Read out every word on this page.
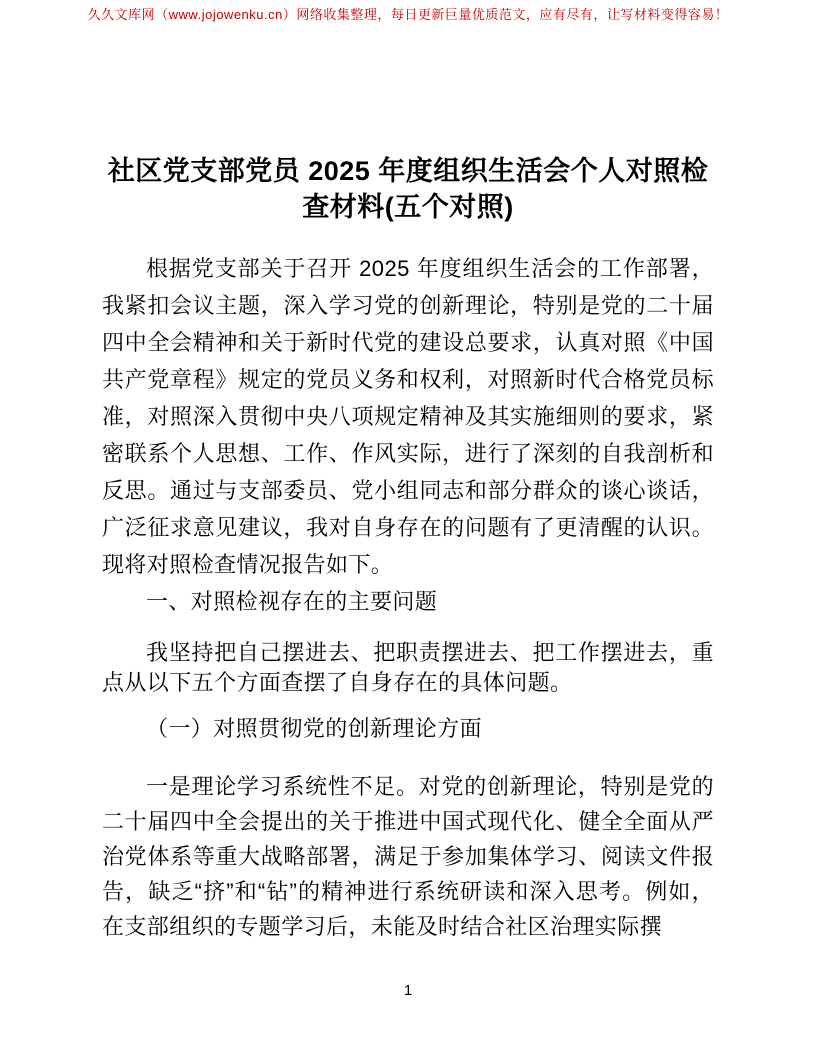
久久文库网（www.jojowenku.cn）网络收集整理，每日更新巨量优质范文，应有尽有，让写材料变得容易！
社区党支部党员 2025 年度组织生活会个人对照检查材料(五个对照)

根据党支部关于召开 2025 年度组织生活会的工作部署，我紧扣会议主题，深入学习党的创新理论，特别是党的二十届四中全会精神和关于新时代党的建设总要求，认真对照《中国共产党章程》规定的党员义务和权利，对照新时代合格党员标准，对照深入贯彻中央八项规定精神及其实施细则的要求，紧密联系个人思想、工作、作风实际，进行了深刻的自我剖析和反思。通过与支部委员、党小组同志和部分群众的谈心谈话，广泛征求意见建议，我对自身存在的问题有了更清醒的认识。现将对照检查情况报告如下。

一、对照检视存在的主要问题

我坚持把自己摆进去、把职责摆进去、把工作摆进去，重点从以下五个方面查摆了自身存在的具体问题。

（一）对照贯彻党的创新理论方面

一是理论学习系统性不足。对党的创新理论，特别是党的二十届四中全会提出的关于推进中国式现代化、健全全面从严治党体系等重大战略部署，满足于参加集体学习、阅读文件报告，缺乏“挤”和“钻”的精神进行系统研读和深入思考。例如，在支部组织的专题学习后，未能及时结合社区治理实际撰

1
